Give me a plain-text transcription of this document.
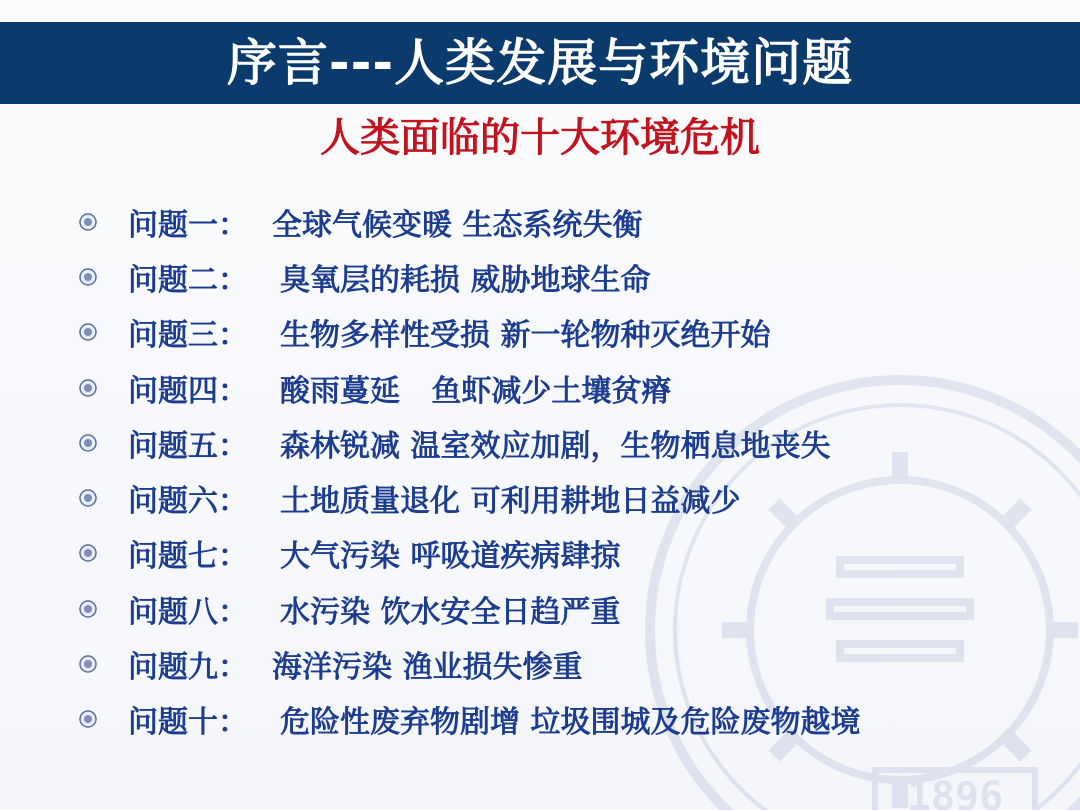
1896
序言---人类发展与环境问题
人类面临的十大环境危机
问题一： 全球气候变暖 生态系统失衡
问题二： 臭氧层的耗损 威胁地球生命
问题三： 生物多样性受损 新一轮物种灭绝开始
问题四： 酸雨蔓延   鱼虾减少土壤贫瘠
问题五： 森林锐减 温室效应加剧，生物栖息地丧失
问题六： 土地质量退化 可利用耕地日益减少
问题七： 大气污染 呼吸道疾病肆掠
问题八： 水污染 饮水安全日趋严重
问题九： 海洋污染 渔业损失惨重
问题十： 危险性废弃物剧增 垃圾围城及危险废物越境
